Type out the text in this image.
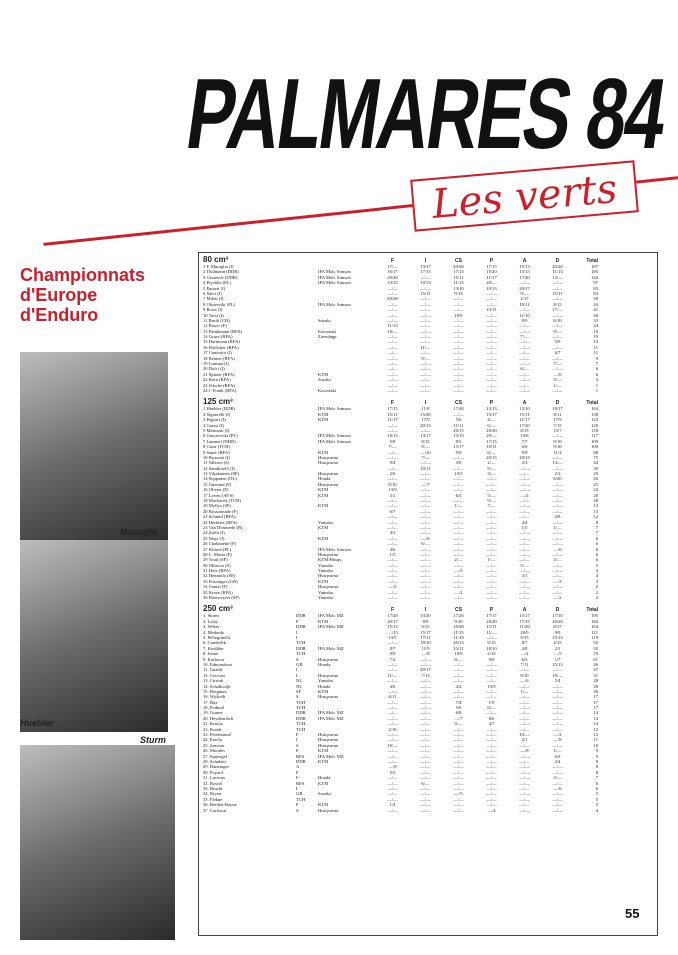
PALMARES 84
Les verts
Championnats d'Europe d'Enduro
Muraglia
Huebler
Sturm
80 cm³	F	I	CS	P	A	D	Total
1 F. Muraglia (I)	17/—	13/17	20/20	17/15	15/13	20/20	187
2 Thalmann (DDR)	IFA Mob. Simson	16/17	17/15	17/13	15/20	13/15	11/13	185
3 Gessesch (DDR)	IFA Mob. Simson	20/20	—/—	15/11	11/17	17/20	13/—	144
4 Prysbila (PL)	IFA Mob. Simson	13/15	10/13	11/15	20/—	—/—	—/—	97
5 Passeri (I)	—/—	—/—	13/10	10/13	20/17	—/—	83
6 Salvi (I)	—/—	15/11	9/13	—/—	9/—	15/11	83
7 Mileti (I)	20/20	—/—	—/—	—/—	2/17	—/—	59
8 Olszewski (PL)	IFA Mob. Simson	—/—	—/—	—/—	—/—	10/11	8/15	44
9 Rossi (I)	—/—	—/—	—/—	13/11	—/—	17/—	41
10 Tassi (I)	—/—	—/—	10/9	—/—	11/10	—/—	40
11 Brnik (CH)	Suzuki	—/—	—/—	—/—	—/—	8/9	6/10	33
12 Boyer (F)	11/13	—/—	—/—	—/—	—/—	—/—	24
13 Brinkmann (RFA)	Kawasaki	10/—	—/—	—/—	—/—	—/—	9/—	19
14 Gruse (RFA)	Zuendapp	—/—	—/—	—/—	—/—	7/—	—/—	19
15 Hartmann (RFA)	—/—	—/—	—/—	—/—	—/—	5/8	13
16 Ehrlicher (RFA)	—/—	11/—	—/—	—/—	—/—	—/—	11
17 Canonica (I)	—/—	—/—	—/—	—/—	—/—	4/7	11
18 Renner (RFA)	—/—	9/—	—/—	—/—	—/—	—/—	9
19 Lumina (I)	—/—	—/—	—/—	—/—	—/—	7/—	7
20 Dolci (I)	—/—	—/—	—/—	—/—	6/—	—/—	6
21 Spitzer (RFA)	KTM	—/—	—/—	—/—	—/—	—/—	—/6	6
22 Kern (RFA)	Suzuki	—/—	—/—	—/—	—/—	—/—	3/—	3
23 Jelsche (RFA)	—/—	—/—	—/—	—/—	—/—	1/—	1
24 J. Frank (RFA)	Kawasaki	—/—	—/—	—/—	—/—	—/—	—/—	1
125 cm³	F	I	CS	P	A	D	Total
1 Huebler (DDR)	IFA Mob. Simson	17/15	11/8	17/20	13/13	13/10	10/17	164
2 Signorelli (I)	KTM	15/11	15/20	—/—	15/17	15/11	8/11	138
3 Pegurri (I)	KTM	11/17	17/9	5/6	4/—	11/17	17/9	123
4 Grassi (I)	—/—	20/13	11/11	6/—	17/20	7/15	120
5 Marinoni (I)	—/—	—/—	20/15	20/20	8/13	15/7	118
6 Garczewski (PL)	IFA Mob. Simson	10/13	13/17	13/13	20/—	10/8	—/—	117
7 Lammel (DDR)	IFA Mob. Simson	5/8	8/15	8/5	17/15	7/7	9/10	109
8 Czarr (TCH)	7/—	9/—	15/17	10/11	6/6	9/10	100
9 Sauer (RFA)	KTM	—/—	—/10	9/9	6/—	9/9	11/4	88
10 Brissoni (I)	Husqvarna	—/—	7/—	—/—	20/15	20/13	—/—	75
11 Nilsson (S)	Husqvarna	9/4	—/—	3/8	2/—	2/3	13/—	44
12 Sandtroelli (I)	—/—	10/11	—/—	9/—	—/—	—/—	30
13 Viljakainen (SF)	Husqvarna	2/6	—/—	10/5	3/—	—/—	2/1	29
14 Seppanen (NL)	Honda	—/—	—/—	—/—	—/—	—/—	6/20	26
15 Guerand (F)	Husqvarna	8/10	—/7	—/—	—/—	—/—	—/—	25
16 Olivier (F)	KTM	13/9	—/—	—/—	—/—	—/—	—/—	22
17 Lovett (AVS)	KTM	3/1	—/—	6/4	5/—	—/2	—/—	20
18 Machacek (TCH)	—/—	—/—	—/—	9/—	—/—	—/—	18
19 Myllys (SF)	KTM	—/—	—/—	1/—	7/—	—/—	—/—	13
20 Bossonnade (F)	6/7	—/—	—/—	—/—	—/—	—/—	13
21 Schmid (RFA)	—/—	—/—	—/—	—/—	—/—	4/8	12
22 Herberts (RFA)	Yamaha	—/—	—/—	—/—	—/—	4/4	—/—	8
23 Van Domseele (B)	KTM	—/—	—/—	—/—	—/—	1/5	1/—	7
24 Zuffa (I)	4/3	—/—	—/—	—/—	—/—	—/—	7
25 Mayr (I)	KTM	—/—	—/6	—/—	—/—	—/—	—/—	6
26 Chabanette (F)	—/—	6/—	—/—	—/—	—/—	—/—	6
27 Klusen (PL)	IFA Mob. Simson	4/6	—/—	—/—	—/—	—/—	—/6	6
28 L. Monti (F)	Husqvarna	1/5	—/—	—/—	—/—	—/—	—/—	6
29 Touli (SF)	KTM/Husqv.	—/—	—/—	2/—	1/—	—/—	3/—	6
30 Ohlsson (S)	Yamaha	—/—	—/—	—/—	—/—	5/—	—/—	5
31 Holz (RFA)	Yamaha	—/—	—/—	—/3	—/—	—/—	—/—	4
32 Hemmila (SF)	Husqvarna	—/—	—/—	—/—	—/—	3/1	—/—	4
33 Frissinger (GB)	KTM	—/—	—/—	—/—	—/—	—/—	—/3	3
34 Cantat (F)	Husqvarna	—/2	—/—	—/—	—/—	—/—	—/—	2
35 Kroze (RFA)	Yamaha	—/—	—/—	—/2	—/—	—/—	—/—	2
36 Daerweyler (SF)	Yamaha	—/—	—/—	—/—	—/—	—/—	—/2	2
250 cm³	F	I	CS	P	A	D	Total
1. Sturm	DDR	IFA Mob. MZ	17/20	13/20	17/20	17/17	13/17	17/10	195
2. Lalay	F	KTM	20/17	8/8	9/10	20/20	17/15	20/20	184
3. Weber	DDR	IFA Mob. MZ	15/13	9/15	10/20	15/11	11/20	8/17	164
4. Medardo	I	—/15	15/17	11/15	11/—	20/9	9/9	121
5. Pellegrinelli	I	13/5	17/11	11/10	—/—	9/15	15/13	119
6. Cunderlik	TCH	—/—	10/10	20/13	9/15	8/7	4/15	92
7. Kiedlike	DDR	IFA Mob. MZ	8/7	11/9	13/11	10/10	4/8	2/1	92
8. Jenne	TCH	9/9	—/8	10/9	2/13	—/2	—/5	70
9. Karlsson	S	Husqvarna	7/2	—/—	8/—	9/8	6/3	1/7	61
10. Edmondson	GB	Honda	—/—	—/—	—/—	—/—	7/11	15/13	46
11. Gualdi	I	—/—	20/17	—/—	—/—	—/—	—/—	37
12. Cecconi	I	Husqvarna	11/—	7/13	—/—	—/—	8/10	10/—	31
13. Cirrink	NL	Yamaha	—/—	—/—	—/—	—/—	—/6	5/4	28
14. Schalkwijk	NL	Honda	4/6	—/—	4/2	13/9	—/—	—/—	28
15. Bergman	SF	KTM	—/—	—/—	—/—	—/—	1/—	—/—	26
16. Wickelli	S	Husqvarna	6/11	—/—	—/—	—/—	—/—	—/—	17
17. Bux	TCH	—/—	—/—	7/4	1/9	—/—	—/—	17
18. Podmol	TCH	—/—	—/—	5/6	6/—	—/—	—/—	17
19. Gruner	DDR	IFA Mob. MZ	—/—	—/—	6/8	—/—	—/—	—/—	14
20. Heydenreich	DDR	IFA Mob. MZ	—/—	—/—	—/7	8/6	—/—	—/—	14
21. Krnoja	TCH	—/—	—/—	3/—	4/7	—/—	—/—	14
22. Kotek	TCH	2/10	—/—	—/—	—/—	—/—	—/—	12
23. Peterhansel	F	Husqvarna	—/—	—/—	—/—	—/—	10/—	—/2	12
24. Fasola	I	Husqvarna	—/—	—/—	—/—	—/—	2/1	—/8	11
25. Jonsson	S	Husqvarna	10/—	—/—	—/—	—/—	—/—	—/—	10
26. Morales	F	KTM	—/—	—/—	—/—	—/—	—/8	1/—	9
27. Spitzegel	RFA	IFA Mob. MZ	—/—	—/—	—/—	—/—	—/—	6/3	9
28. Schubert	DDR	KTM	—/—	—/—	—/—	—/—	—/—	3/4	9
29. Danzinger	A	—/8	—/—	—/—	—/—	—/—	—/—	8
30. Poyard	F	5/3	—/—	—/—	—/—	—/—	—/—	8
31. Lacroux	F	Honda	—/—	—/—	—/—	—/—	—/—	3/—	7
32. Rossel	RFA	KTM	—/—	6/—	—/—	—/—	—/—	—/—	6
33. Bruchi	I	—/—	—/—	—/—	—/—	—/—	—/6	6
34. Bryon	GB	Suzuki	—/—	—/—	—/5	—/—	—/—	—/—	5
35. Flekne	TCH	—/—	—/—	—/—	—/—	—/—	—/—	5
36. Berthet-Bayne	F	KTM	1/4	—/—	—/—	—/—	—/—	—/—	5
37. Carlsson	S	Husqvarna	—/—	—/—	—/—	—/4	—/—	—/—	4
55
